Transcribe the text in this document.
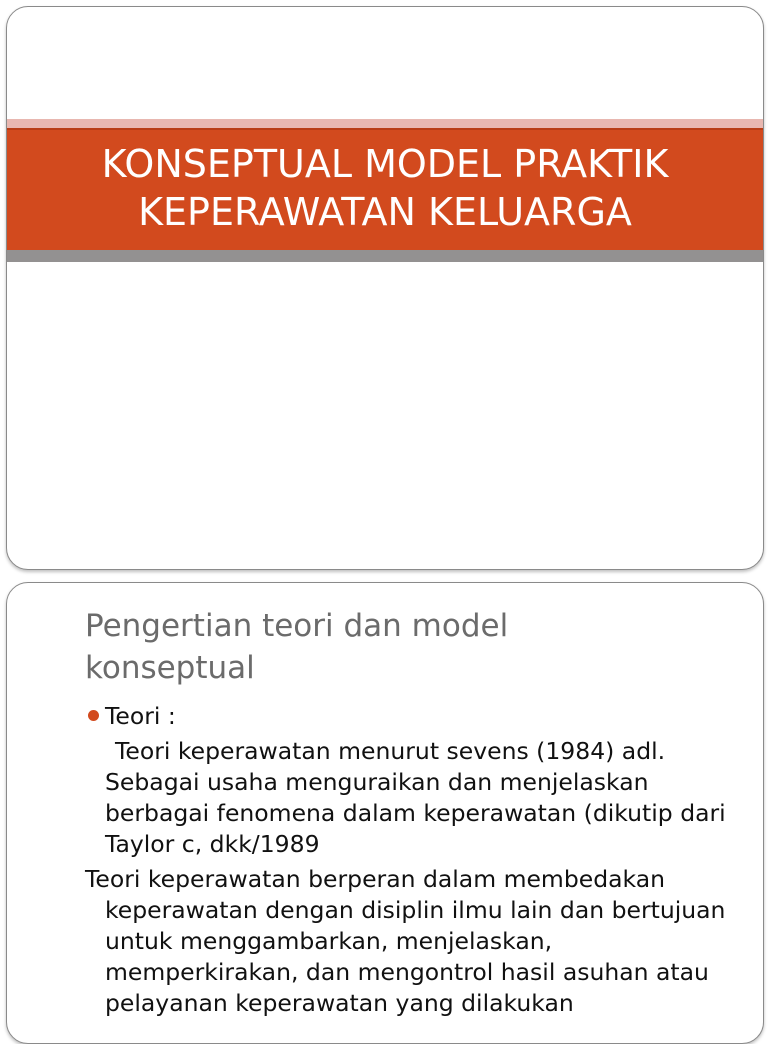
KONSEPTUAL MODEL PRAKTIK
KEPERAWATAN KELUARGA
Pengertian teori dan model
konseptual
Teori :
Teori keperawatan menurut sevens (1984) adl. Sebagai usaha menguraikan dan menjelaskan berbagai fenomena dalam keperawatan (dikutip dari Taylor c, dkk/1989
Teori keperawatan berperan dalam membedakan keperawatan dengan disiplin ilmu lain dan bertujuan untuk menggambarkan, menjelaskan, memperkirakan, dan mengontrol hasil asuhan atau pelayanan keperawatan yang dilakukan
